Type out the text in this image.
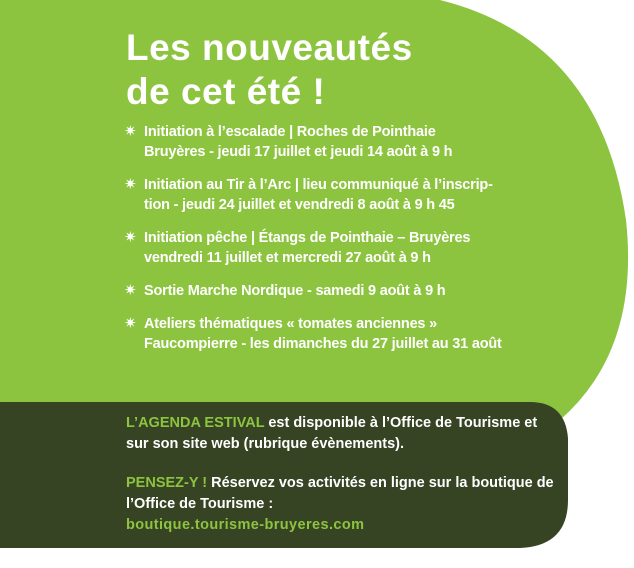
Les nouveautés
de cet été !
✷ Initiation à l’escalade | Roches de Pointhaie
Bruyères - jeudi 17 juillet et jeudi 14 août à 9 h
✷ Initiation au Tir à l’Arc | lieu communiqué à l’inscrip-
tion - jeudi 24 juillet et vendredi 8 août à 9 h 45
✷ Initiation pêche | Étangs de Pointhaie – Bruyères
vendredi 11 juillet et mercredi 27 août à 9 h
✷ Sortie Marche Nordique - samedi 9 août à 9 h
✷ Ateliers thématiques « tomates anciennes »
Faucompierre - les dimanches du 27 juillet au 31 août

L’AGENDA ESTIVAL est disponible à l’Office de Tourisme et sur son site web (rubrique évènements).

PENSEZ-Y ! Réservez vos activités en ligne sur la boutique de l’Office de Tourisme :
boutique.tourisme-bruyeres.com
